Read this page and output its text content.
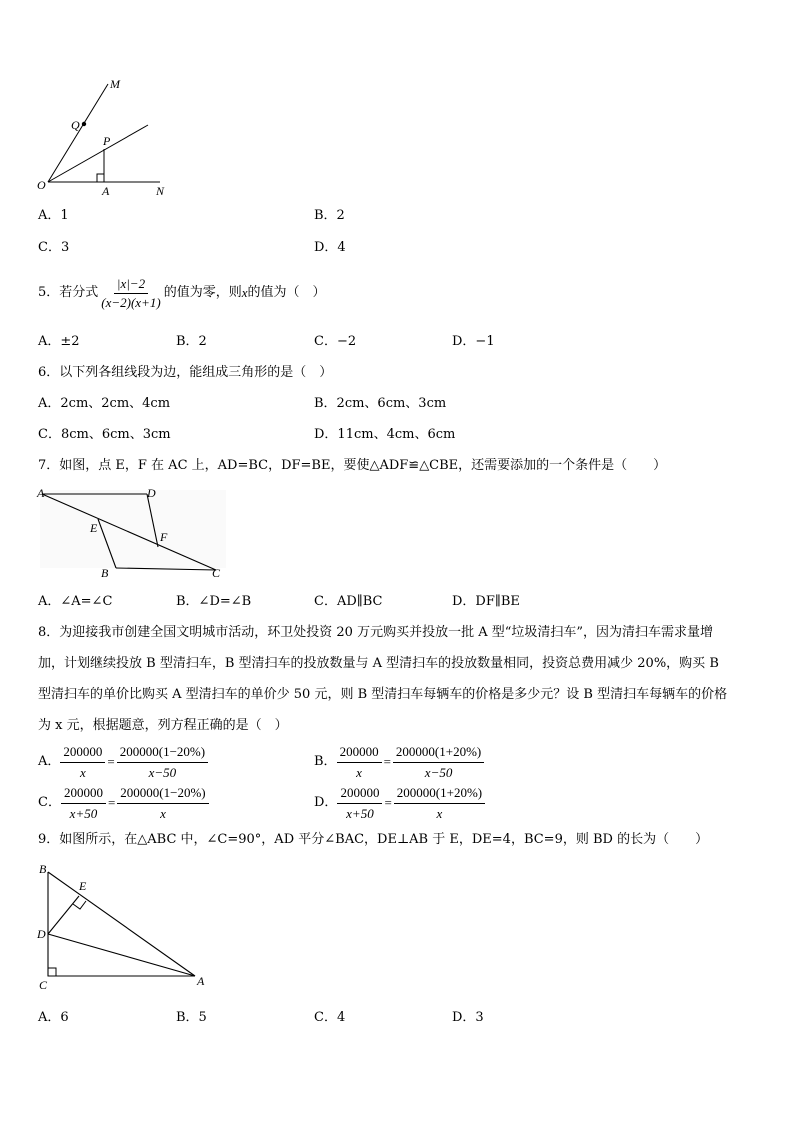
M
Q
P
O	A	N
A．1	B．2
C．3	D．4
5．若分式 $\frac{|x|-2}{(x-2)(x+1)}$ 的值为零，则 x 的值为（　）
A．±2	B．2	C．−2	D．−1
6．以下列各组线段为边，能组成三角形的是（　）
A．2cm、2cm、4cm	B．2cm、6cm、3cm
C．8cm、6cm、3cm	D．11cm、4cm、6cm
7．如图，点 E，F 在 AC 上，AD=BC，DF=BE，要使△ADF≌△CBE，还需要添加的一个条件是（　　）
A	D
E
F
B	C
A．∠A=∠C	B．∠D=∠B	C．AD∥BC	D．DF∥BE
8．为迎接我市创建全国文明城市活动，环卫处投资 20 万元购买并投放一批 A 型“垃圾清扫车”，因为清扫车需求量增
加，计划继续投放 B 型清扫车，B 型清扫车的投放数量与 A 型清扫车的投放数量相同，投资总费用减少 20%，购买 B
型清扫车的单价比购买 A 型清扫车的单价少 50 元，则 B 型清扫车每辆车的价格是多少元？设 B 型清扫车每辆车的价格
为 x 元，根据题意，列方程正确的是（　）
A． $\frac{200000}{x} = \frac{200000(1-20\%)}{x-50}$	B． $\frac{200000}{x} = \frac{200000(1+20\%)}{x-50}$
C． $\frac{200000}{x+50} = \frac{200000(1-20\%)}{x}$	D． $\frac{200000}{x+50} = \frac{200000(1+20\%)}{x}$
9．如图所示，在△ABC 中，∠C=90°，AD 平分∠BAC，DE⊥AB 于 E，DE=4，BC=9，则 BD 的长为（　　）
B
E
D
C	A
A．6	B．5	C．4	D．3
